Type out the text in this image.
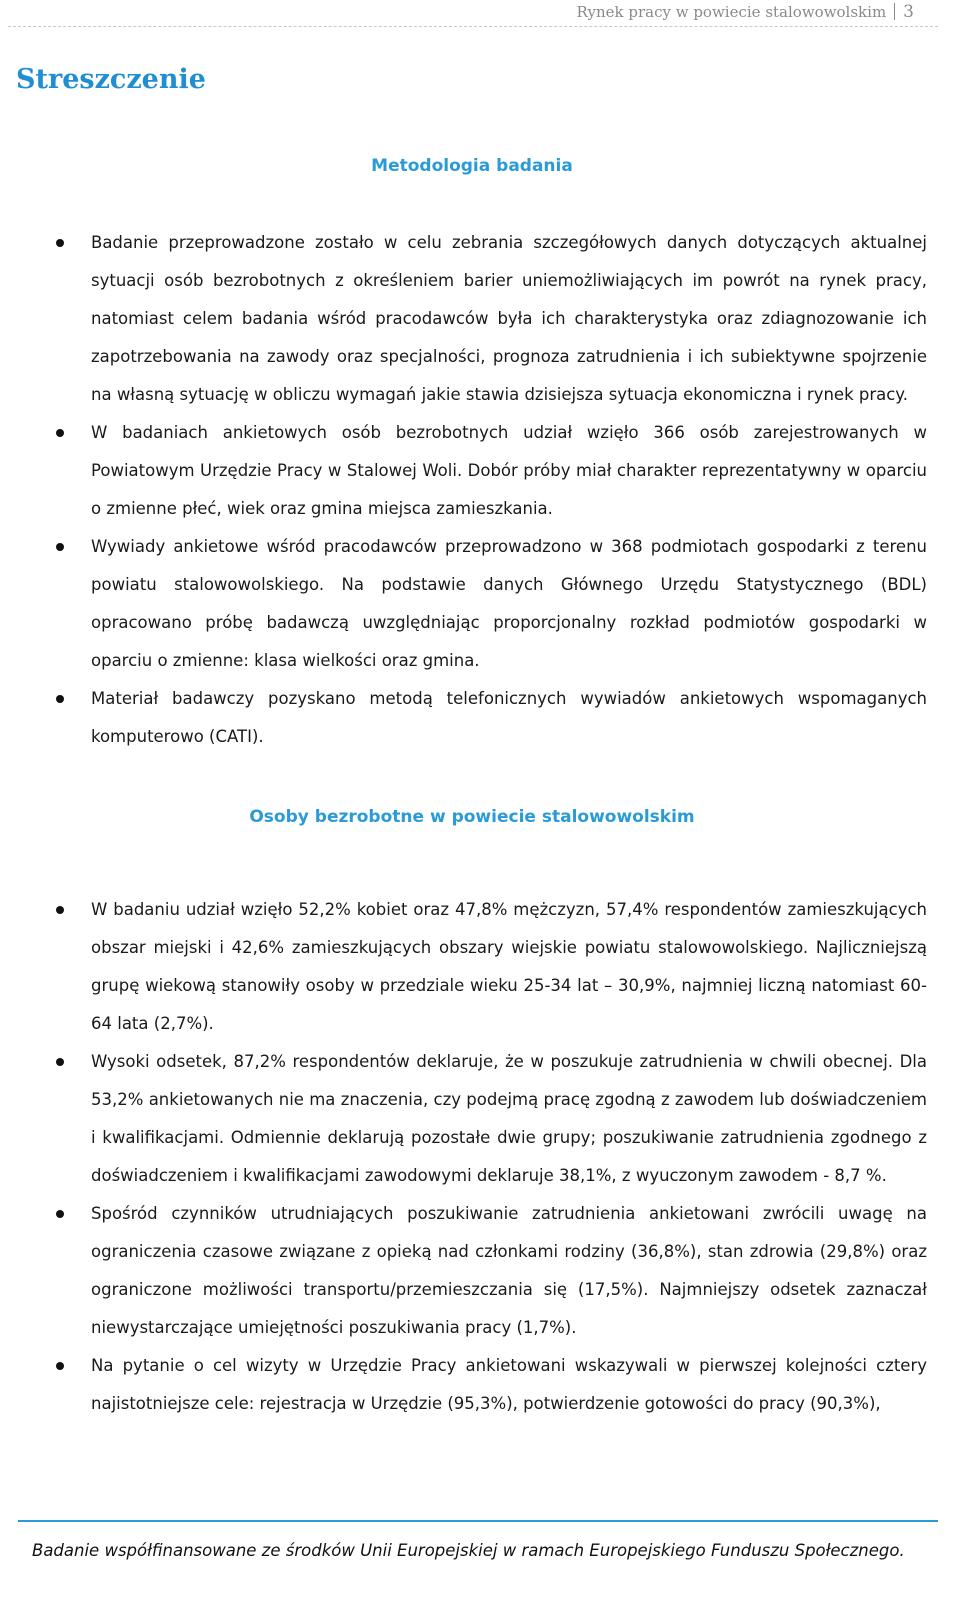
Rynek pracy w powiecie stalowowolskim 3
Streszczenie
Metodologia badania
Badanie przeprowadzone zostało w celu zebrania szczegółowych danych dotyczących aktualnej sytuacji osób bezrobotnych z określeniem barier uniemożliwiających im powrót na rynek pracy, natomiast celem badania wśród pracodawców była ich charakterystyka oraz zdiagnozowanie ich zapotrzebowania na zawody oraz specjalności, prognoza zatrudnienia i ich subiektywne spojrzenie na własną sytuację w obliczu wymagań jakie stawia dzisiejsza sytuacja ekonomiczna i rynek pracy.
W badaniach ankietowych osób bezrobotnych udział wzięło 366 osób zarejestrowanych w Powiatowym Urzędzie Pracy w Stalowej Woli. Dobór próby miał charakter reprezentatywny w oparciu o zmienne płeć, wiek oraz gmina miejsca zamieszkania.
Wywiady ankietowe wśród pracodawców przeprowadzono w 368 podmiotach gospodarki z terenu powiatu stalowowolskiego. Na podstawie danych Głównego Urzędu Statystycznego (BDL) opracowano próbę badawczą uwzględniając proporcjonalny rozkład podmiotów gospodarki w oparciu o zmienne: klasa wielkości oraz gmina.
Materiał badawczy pozyskano metodą telefonicznych wywiadów ankietowych wspomaganych komputerowo (CATI).
Osoby bezrobotne w powiecie stalowowolskim
W badaniu udział wzięło 52,2% kobiet oraz 47,8% mężczyzn, 57,4% respondentów zamieszkujących obszar miejski i 42,6% zamieszkujących obszary wiejskie powiatu stalowowolskiego. Najliczniejszą grupę wiekową stanowiły osoby w przedziale wieku 25-34 lat – 30,9%, najmniej liczną natomiast 60-64 lata (2,7%).
Wysoki odsetek, 87,2% respondentów deklaruje, że w poszukuje zatrudnienia w chwili obecnej. Dla 53,2% ankietowanych nie ma znaczenia, czy podejmą pracę zgodną z zawodem lub doświadczeniem i kwalifikacjami. Odmiennie deklarują pozostałe dwie grupy; poszukiwanie zatrudnienia zgodnego z doświadczeniem i kwalifikacjami zawodowymi deklaruje 38,1%, z wyuczonym zawodem - 8,7 %.
Spośród czynników utrudniających poszukiwanie zatrudnienia ankietowani zwrócili uwagę na ograniczenia czasowe związane z opieką nad członkami rodziny (36,8%), stan zdrowia (29,8%) oraz ograniczone możliwości transportu/przemieszczania się (17,5%). Najmniejszy odsetek zaznaczał niewystarczające umiejętności poszukiwania pracy (1,7%).
Na pytanie o cel wizyty w Urzędzie Pracy ankietowani wskazywali w pierwszej kolejności cztery najistotniejsze cele: rejestracja w Urzędzie (95,3%), potwierdzenie gotowości do pracy (90,3%),
Badanie współfinansowane ze środków Unii Europejskiej w ramach Europejskiego Funduszu Społecznego.
